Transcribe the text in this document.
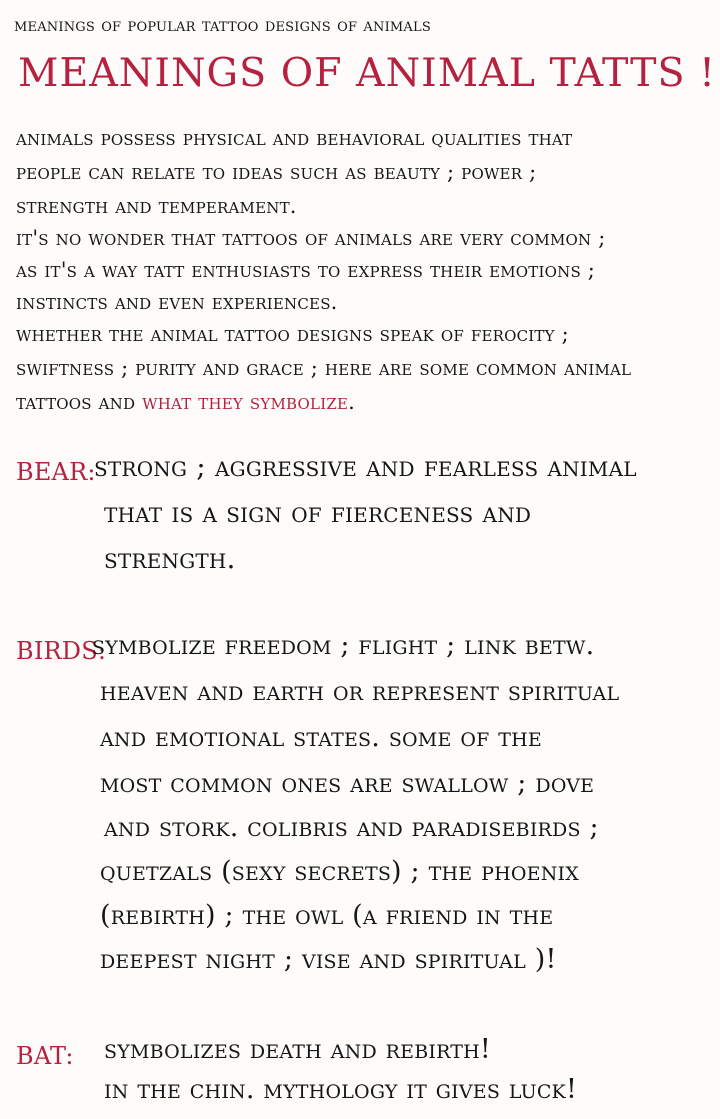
meanings of popular tattoo designs of animals
MEANINGS OF ANIMAL TATTS !
animals possess physical and behavioral qualities that
people can relate to ideas such as beauty ; power ;
strength and temperament.
it's no wonder that tattoos of animals are very common ;
as it's a way tatt enthusiasts to express their emotions ;
instincts and even experiences.
whether the animal tattoo designs speak of ferocity ;
swiftness ; purity and grace ; here are some common animal
tattoos and what they symbolize.
BEAR:
strong ; aggressive and fearless animal
that is a sign of fierceness and
strength.
BIRDS:
symbolize freedom ; flight ; link betw.
heaven and earth or represent spiritual
and emotional states. some of the
most common ones are swallow ; dove
and stork. colibris and paradisebirds ;
quetzals (sexy secrets) ; the phoenix
(rebirth) ; the owl (a friend in the
deepest night ; vise and spiritual )!
BAT: symbolizes death and rebirth!
in the chin. mythology it gives luck!
